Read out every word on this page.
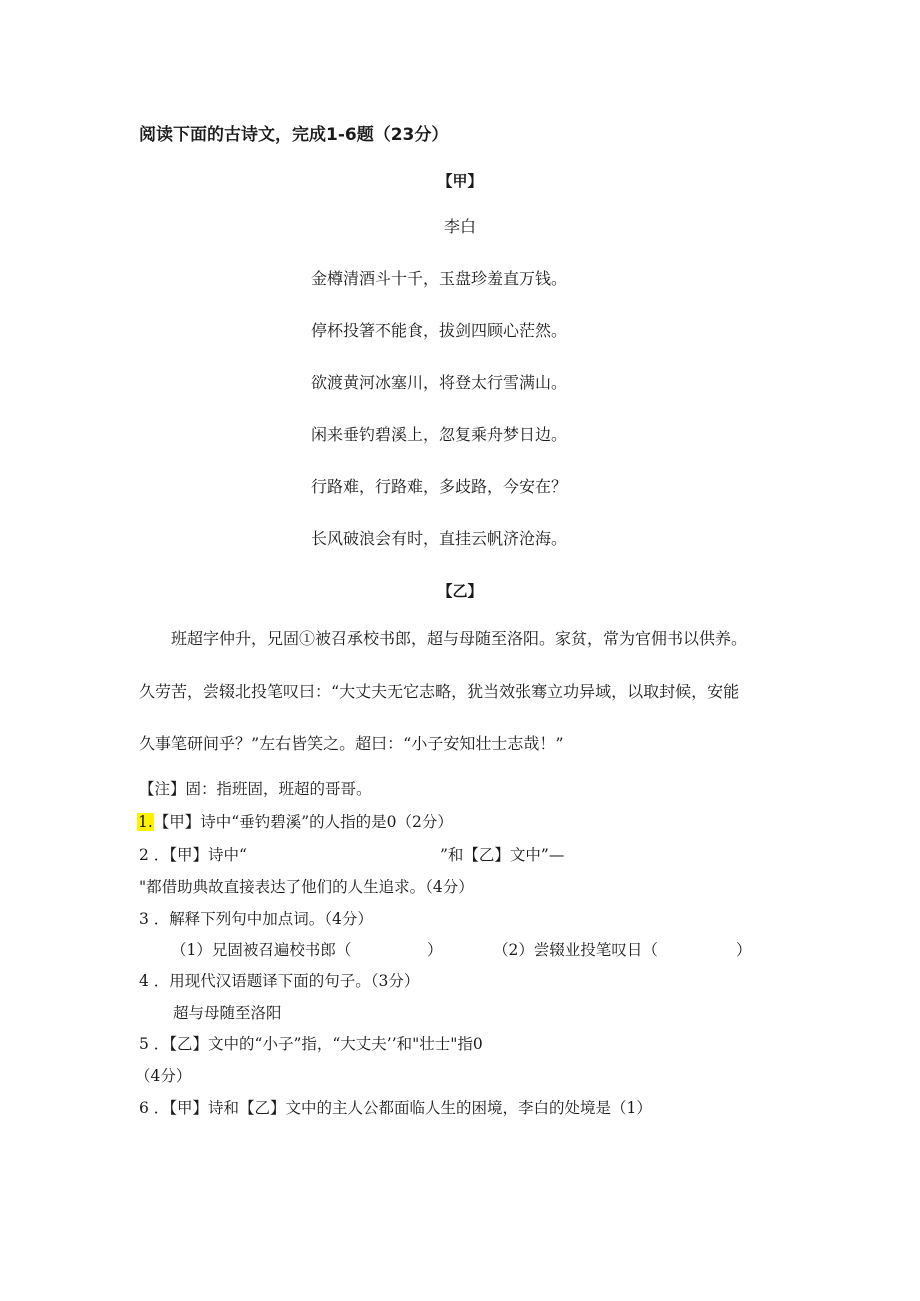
阅读下面的古诗文，完成1-6题（23分）
【甲】
李白
金樽清酒斗十千，玉盘珍羞直万钱。
停杯投箸不能食，拔剑四顾心茫然。
欲渡黄河冰塞川，将登太行雪满山。
闲来垂钓碧溪上，忽复乘舟梦日边。
行路难，行路难，多歧路，今安在？
长风破浪会有时，直挂云帆济沧海。
【乙】
班超字仲升，兄固①被召承校书郎，超与母随至洛阳。家贫，常为官佣书以供养。
久劳苦，尝辍北投笔叹曰：“大丈夫无它志略，犹当效张骞立功异域，以取封候，安能
久事笔研间乎？”左右皆笑之。超曰：“小子安知壮士志哉！”
【注】固：指班固，班超的哥哥。
1.【甲】诗中“垂钓碧溪”的人指的是0（2分）
2 ．【甲】诗中“	”和【乙】文中”—
"都借助典故直接表达了他们的人生追求。（4分）
3 ．解释下列句中加点词。（4分）
（1）兄固被召遍校书郎（	）	（2）尝辍业投笔叹日（	）
4 ．用现代汉语题译下面的句子。（3分）
超与母随至洛阳
5 ．【乙】文中的“小子”指，“大丈夫’’和"壮士"指0
（4分）
6 ．【甲】诗和【乙】文中的主人公都面临人生的困境，李白的处境是（1）
